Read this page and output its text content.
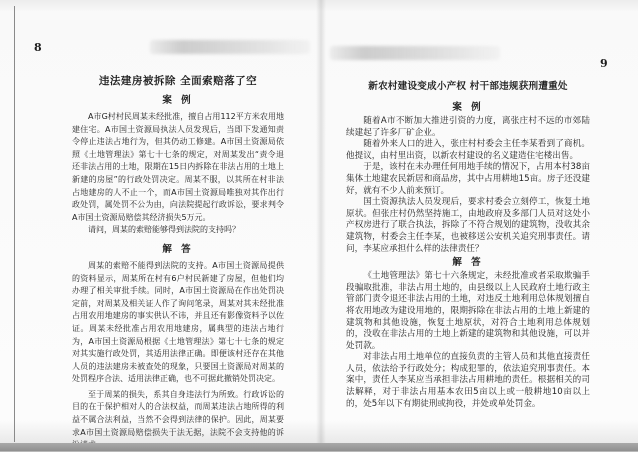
8
违法建房被拆除 全面索赔落了空
案 例

A市G村村民周某未经批准，擅自占用112平方米农用地建住宅。A市国土资源局执法人员发现后，当即下发通知责令停止违法占地行为，但其仍动工修建。A市国土资源局依照《土地管理法》第七十七条的规定，对周某发出“责令退还非法占用的土地，限期在15日内拆除在非法占用的土地上新建的房屋”的行政处罚决定。周某不服，以其所在村非法占地建房的人不止一个，而A市国土资源局唯独对其作出行政处罚，属处罚不公为由，向法院提起行政诉讼，要求判令A市国土资源局赔偿其经济损失5万元。

请问，周某的索赔能够得到法院的支持吗？

解 答

周某的索赔不能得到法院的支持。A市国土资源局提供的资料显示，周某所在村有6户村民新建了房屋，但他们均办理了相关审批手续。同时，A市国土资源局在作出处罚决定前，对周某及相关证人作了询问笔录，周某对其未经批准占用农用地建房的事实供认不讳，并且还有影像资料予以佐证。周某未经批准占用农用地建房，属典型的违法占地行为，A市国土资源局根据《土地管理法》第七十七条的规定对其实施行政处罚，其适用法律正确。即便该村还存在其他人员的违法建房未被查处的现象，只要国土资源局对周某的处罚程序合法、适用法律正确，也不可据此撤销处罚决定。

至于周某的损失，系其自身违法行为所致。行政诉讼的目的在于保护相对人的合法权益，而周某违法占地所得的利益不属合法利益，当然不会得到法律的保护。因此，周某要求A市国土资源局赔偿损失于法无据，法院不会支持他的诉

9
新农村建设变成小产权 村干部违规获刑遭重处
案 例

随着A市不断加大推进引资的力度，离张庄村不远的市郊陆续建起了许多厂矿企业。

随着外来人口的进入，张庄村村委会主任李某看到了商机。他提议，由村里出资，以新农村建设的名义建造住宅楼出售。

于是，该村在未办理任何用地手续的情况下，占用本村38亩集体土地建农民新居和商品房，其中占用耕地15亩。房子还没建好，就有不少人前来预订。

国土资源执法人员发现后，要求村委会立刻停工，恢复土地原状。但张庄村仍然坚持施工，由地政府及多部门人员对这处小产权房进行了联合执法，拆除了不符合规划的建筑物，没收其余建筑物，村委会主任李某，也被移送公安机关追究刑事责任。请问，李某应承担什么样的法律责任？

解 答

《土地管理法》第七十六条规定，未经批准或者采取欺骗手段骗取批准，非法占用土地的，由县级以上人民政府土地行政主管部门责令退还非法占用的土地，对违反土地利用总体规划擅自将农用地改为建设用地的，限期拆除在非法占用的土地上新建的建筑物和其他设施，恢复土地原状，对符合土地利用总体规划的，没收在非法占用的土地上新建的建筑物和其他设施，可以并处罚款。

对非法占用土地单位的直接负责的主管人员和其他直接责任人员，依法给予行政处分；构成犯罪的，依法追究刑事责任。本案中，责任人李某应当承担非法占用耕地的责任。根据相关的司法解释，对于非法占用基本农田5亩以上或一般耕地10亩以上的，处5年以下有期徒刑或拘役，并处或单处罚金。
